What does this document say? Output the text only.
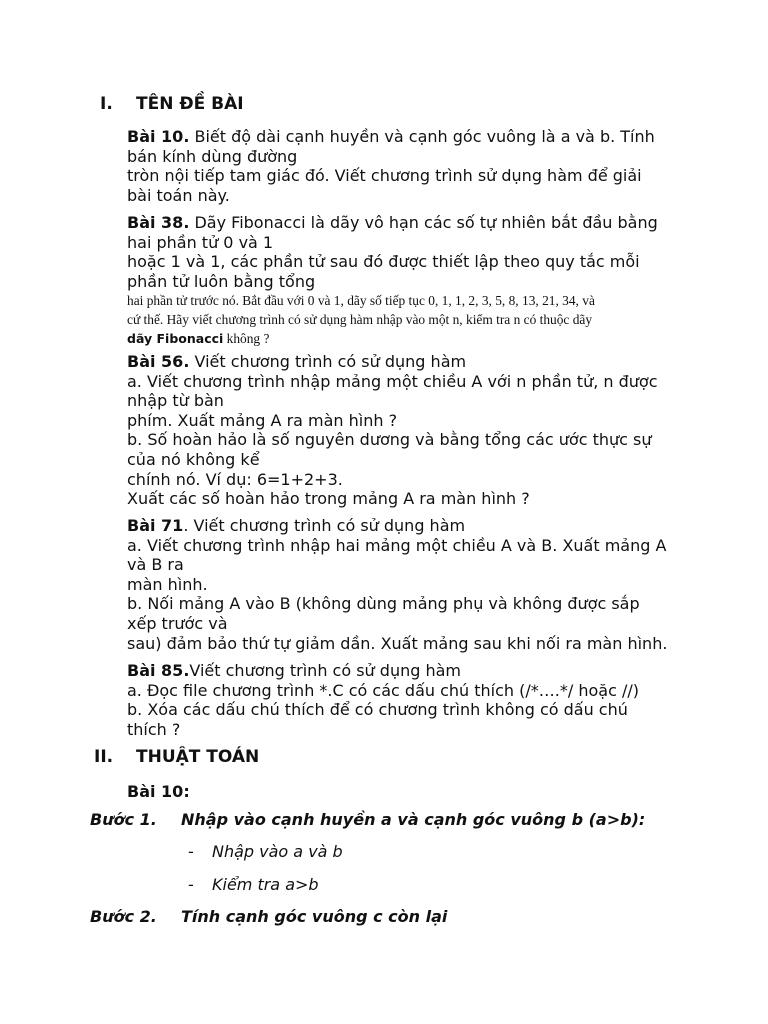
I. TÊN ĐỀ BÀI
Bài 10. Biết độ dài cạnh huyền và cạnh góc vuông là a và b. Tính
bán kính dùng đường
tròn nội tiếp tam giác đó. Viết chương trình sử dụng hàm để giải
bài toán này.
Bài 38. Dãy Fibonacci là dãy vô hạn các số tự nhiên bắt đầu bằng
hai phần tử 0 và 1
hoặc 1 và 1, các phần tử sau đó được thiết lập theo quy tắc mỗi
phần tử luôn bằng tổng
hai phần tử trước nó. Bắt đầu với 0 và 1, dãy số tiếp tục 0, 1, 1, 2, 3, 5, 8, 13, 21, 34, và
cứ thế. Hãy viết chương trình có sử dụng hàm nhập vào một n, kiểm tra n có thuộc dãy
dãy Fibonacci không ?
Bài 56. Viết chương trình có sử dụng hàm
a. Viết chương trình nhập mảng một chiều A với n phần tử, n được
nhập từ bàn
phím. Xuất mảng A ra màn hình ?
b. Số hoàn hảo là số nguyên dương và bằng tổng các ước thực sự
của nó không kể
chính nó. Ví dụ: 6=1+2+3.
Xuất các số hoàn hảo trong mảng A ra màn hình ?
Bài 71. Viết chương trình có sử dụng hàm
a. Viết chương trình nhập hai mảng một chiều A và B. Xuất mảng A
và B ra
màn hình.
b. Nối mảng A vào B (không dùng mảng phụ và không được sắp
xếp trước và
sau) đảm bảo thứ tự giảm dần. Xuất mảng sau khi nối ra màn hình.
Bài 85.Viết chương trình có sử dụng hàm
a. Đọc file chương trình *.C có các dấu chú thích (/*….*/ hoặc //)
b. Xóa các dấu chú thích để có chương trình không có dấu chú
thích ?
II. THUẬT TOÁN
Bài 10:
Bước 1. Nhập vào cạnh huyền a và cạnh góc vuông b (a>b):
- Nhập vào a và b
- Kiểm tra a>b
Bước 2. Tính cạnh góc vuông c còn lại
